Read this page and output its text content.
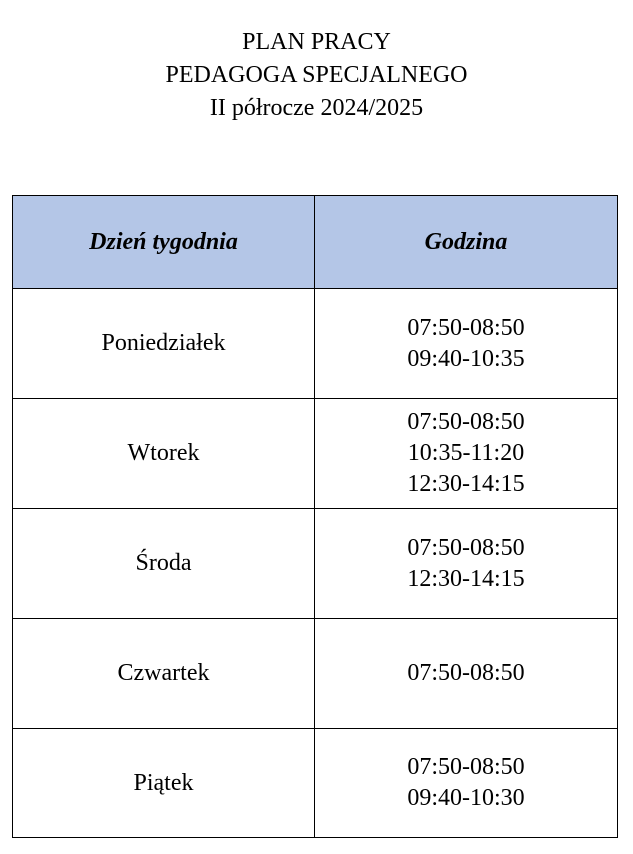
PLAN PRACY
PEDAGOGA SPECJALNEGO
II półrocze 2024/2025
Dzień tygodnia	Godzina
Poniedziałek	07:50-08:50
09:40-10:35

Wtorek	07:50-08:50
10:35-11:20
12:30-14:15

Środa	07:50-08:50
12:30-14:15

Czwartek	07:50-08:50

Piątek	07:50-08:50
09:40-10:30
